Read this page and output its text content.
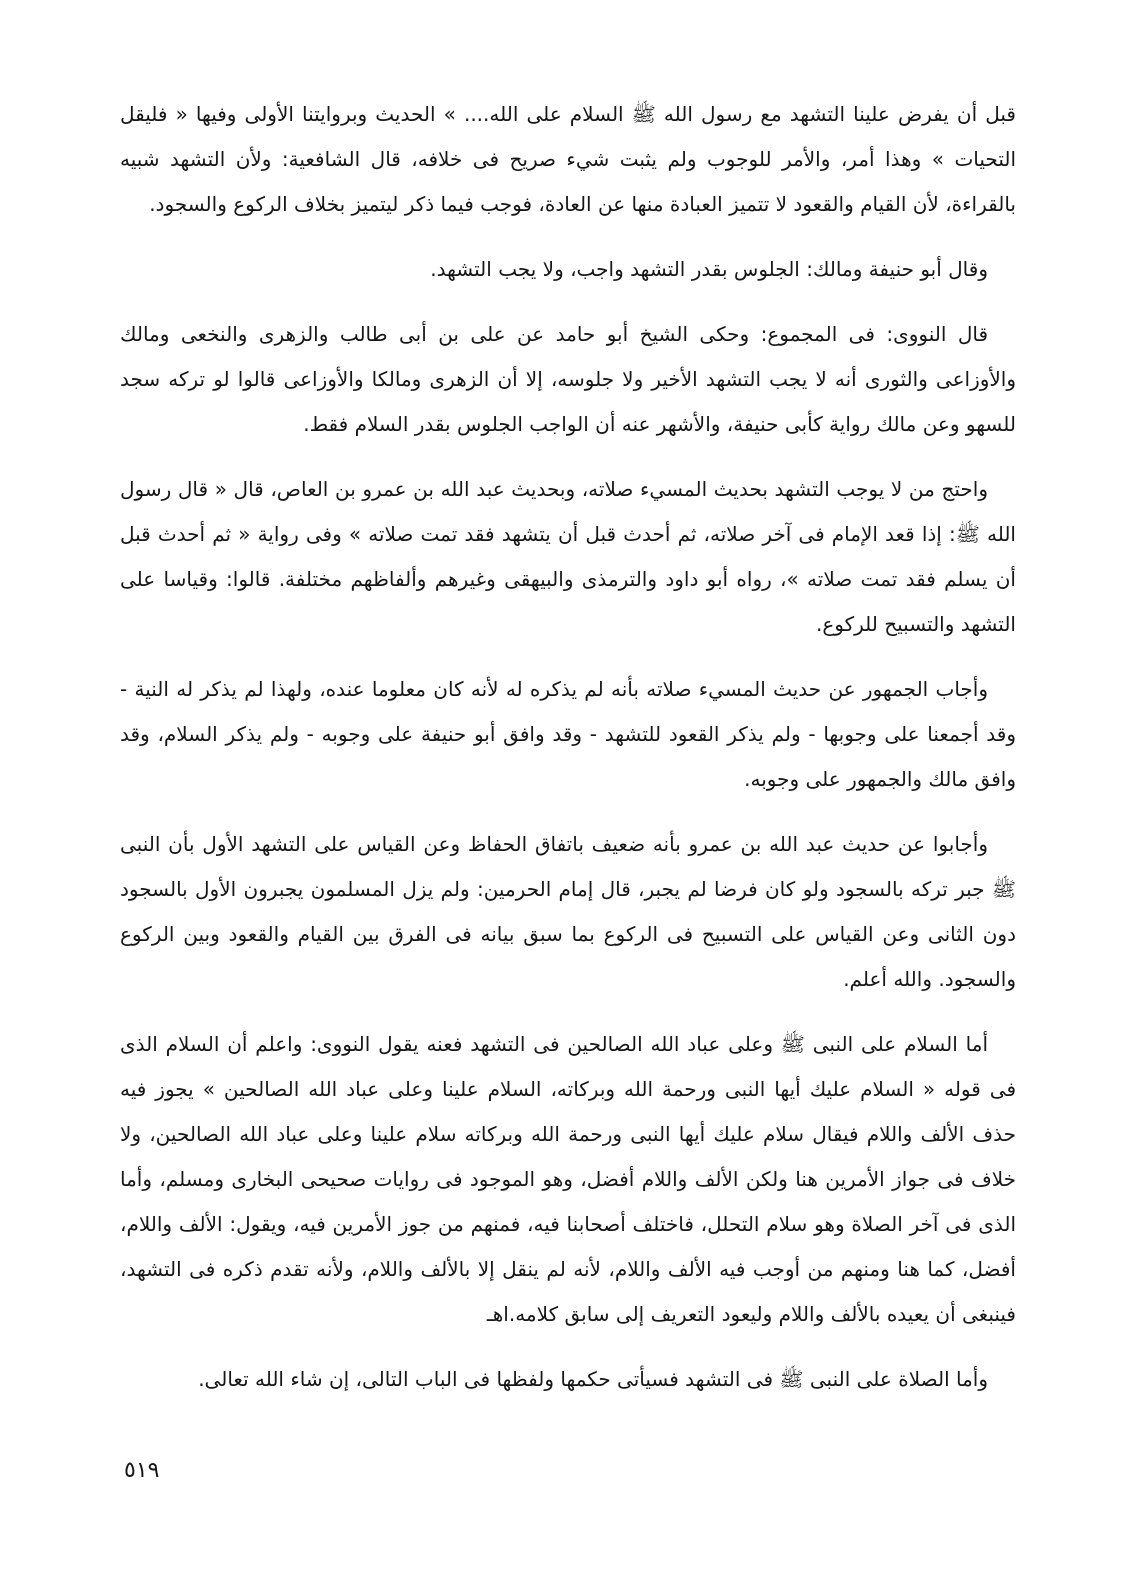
قبل أن يفرض علينا التشهد مع رسول الله ﷺ السلام على الله.... » الحديث وبروايتنا الأولى وفيها « فليقل التحيات » وهذا أمر، والأمر للوجوب ولم يثبت شيء صريح فى خلافه، قال الشافعية: ولأن التشهد شبيه بالقراءة، لأن القيام والقعود لا تتميز العبادة منها عن العادة، فوجب فيما ذكر ليتميز بخلاف الركوع والسجود.

وقال أبو حنيفة ومالك: الجلوس بقدر التشهد واجب، ولا يجب التشهد.

قال النووى: فى المجموع: وحكى الشيخ أبو حامد عن على بن أبى طالب والزهرى والنخعى ومالك والأوزاعى والثورى أنه لا يجب التشهد الأخير ولا جلوسه، إلا أن الزهرى ومالكا والأوزاعى قالوا لو تركه سجد للسهو وعن مالك رواية كأبى حنيفة، والأشهر عنه أن الواجب الجلوس بقدر السلام فقط.

واحتج من لا يوجب التشهد بحديث المسيء صلاته، وبحديث عبد الله بن عمرو بن العاص، قال « قال رسول الله ﷺ: إذا قعد الإمام فى آخر صلاته، ثم أحدث قبل أن يتشهد فقد تمت صلاته » وفى رواية « ثم أحدث قبل أن يسلم فقد تمت صلاته »، رواه أبو داود والترمذى والبيهقى وغيرهم وألفاظهم مختلفة. قالوا: وقياسا على التشهد والتسبيح للركوع.

وأجاب الجمهور عن حديث المسيء صلاته بأنه لم يذكره له لأنه كان معلوما عنده، ولهذا لم يذكر له النية - وقد أجمعنا على وجوبها - ولم يذكر القعود للتشهد - وقد وافق أبو حنيفة على وجوبه - ولم يذكر السلام، وقد وافق مالك والجمهور على وجوبه.

وأجابوا عن حديث عبد الله بن عمرو بأنه ضعيف باتفاق الحفاظ وعن القياس على التشهد الأول بأن النبى ﷺ جبر تركه بالسجود ولو كان فرضا لم يجبر، قال إمام الحرمين: ولم يزل المسلمون يجبرون الأول بالسجود دون الثانى وعن القياس على التسبيح فى الركوع بما سبق بيانه فى الفرق بين القيام والقعود وبين الركوع والسجود. والله أعلم.

أما السلام على النبى ﷺ وعلى عباد الله الصالحين فى التشهد فعنه يقول النووى: واعلم أن السلام الذى فى قوله « السلام عليك أيها النبى ورحمة الله وبركاته، السلام علينا وعلى عباد الله الصالحين » يجوز فيه حذف الألف واللام فيقال سلام عليك أيها النبى ورحمة الله وبركاته سلام علينا وعلى عباد الله الصالحين، ولا خلاف فى جواز الأمرين هنا ولكن الألف واللام أفضل، وهو الموجود فى روايات صحيحى البخارى ومسلم، وأما الذى فى آخر الصلاة وهو سلام التحلل، فاختلف أصحابنا فيه، فمنهم من جوز الأمرين فيه، ويقول: الألف واللام، أفضل، كما هنا ومنهم من أوجب فيه الألف واللام، لأنه لم ينقل إلا بالألف واللام، ولأنه تقدم ذكره فى التشهد، فينبغى أن يعيده بالألف واللام وليعود التعريف إلى سابق كلامه.اهـ

وأما الصلاة على النبى ﷺ فى التشهد فسيأتى حكمها ولفظها فى الباب التالى، إن شاء الله تعالى.

٥١٩
